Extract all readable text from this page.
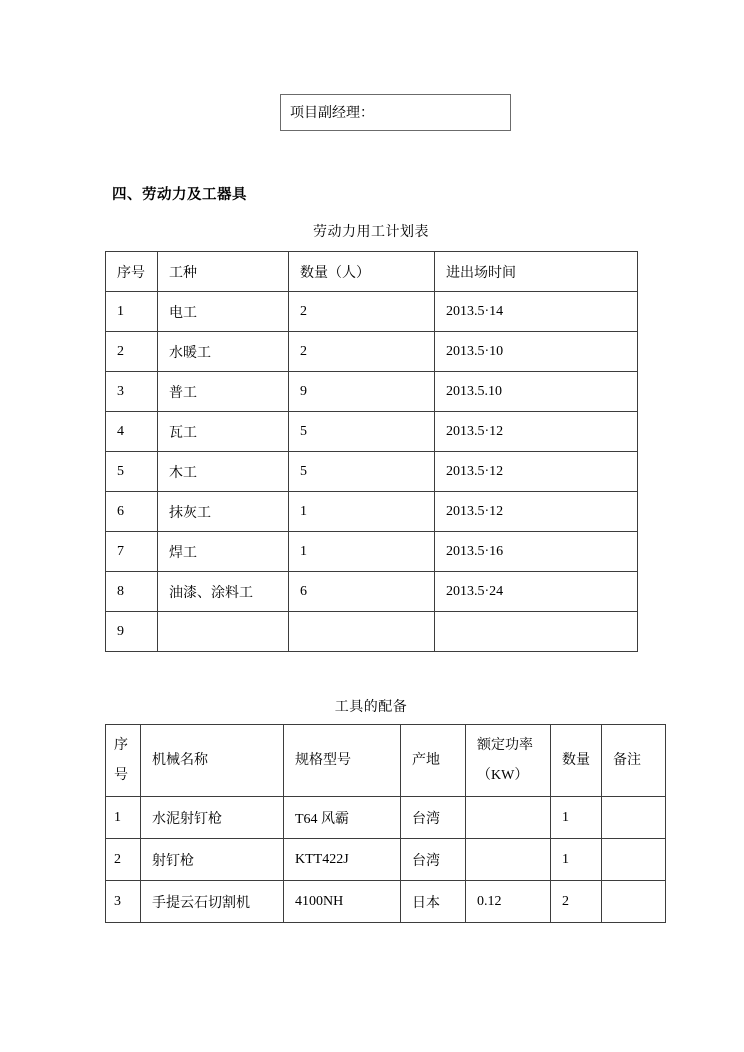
项目副经理：
四、劳动力及工器具
劳动力用工计划表
序号	工种	数量（人）	进出场时间
1	电工	2	2013.5·14
2	水暖工	2	2013.5·10
3	普工	9	2013.5.10
4	瓦工	5	2013.5·12
5	木工	5	2013.5·12
6	抹灰工	1	2013.5·12
7	焊工	1	2013.5·16
8	油漆、涂料工	6	2013.5·24
9			
工具的配备
序号	机械名称	规格型号	产地	额定功率（KW）	数量	备注
1	水泥射钉枪	T64 风霸	台湾		1	
2	射钉枪	KTT422J	台湾		1	
3	手提云石切割机	4100NH	日本	0.12	2	
